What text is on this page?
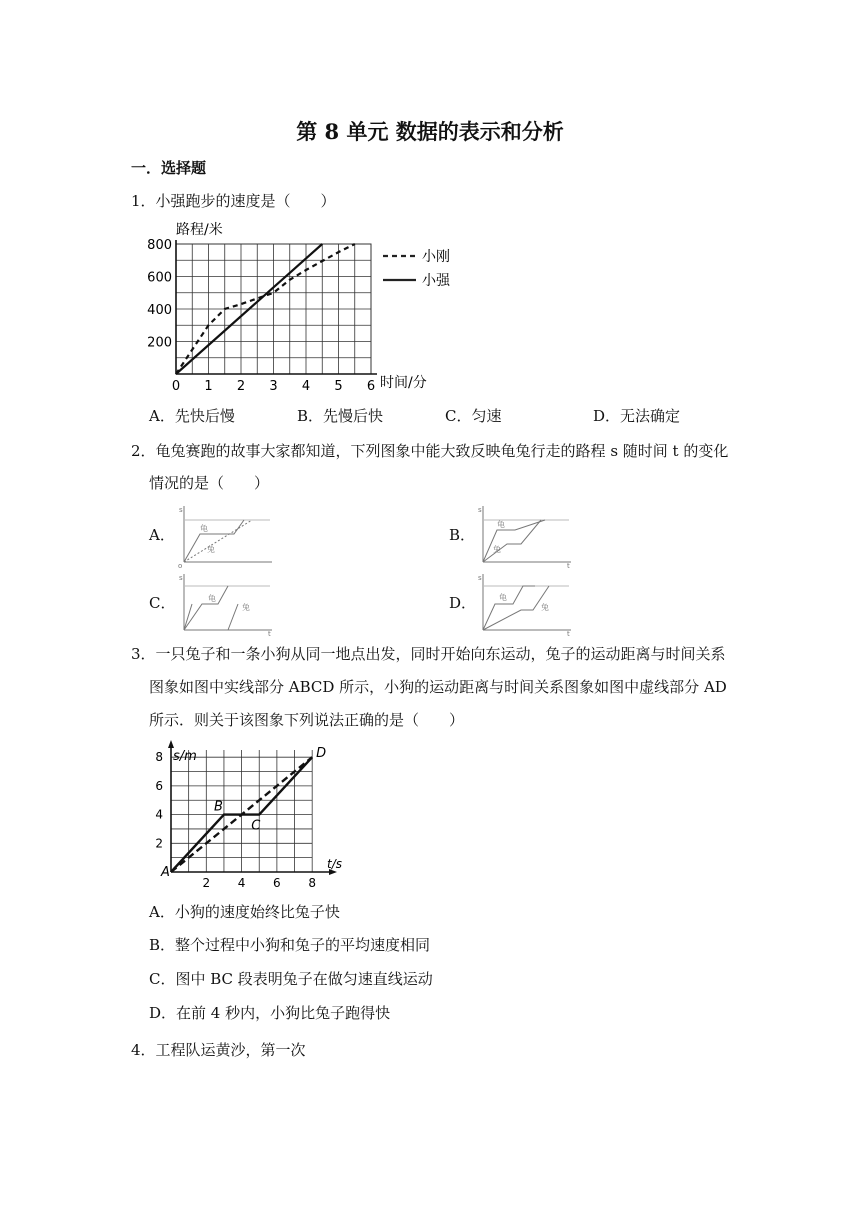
第 8 单元 数据的表示和分析
一．选择题
1．小强跑步的速度是（　　）
0 1 2 3 4 5 6
200
400
600
800
路程/米
时间/分
小刚
小强
A．先快后慢	B．先慢后快	C．匀速	D．无法确定
2．龟兔赛跑的故事大家都知道，下列图象中能大致反映龟兔行走的路程 s 随时间 t 的变化
情况的是（　　）
A．	B．
C．	D．
s
龟
兔
o
s
龟
兔
t
s
龟
兔
t
s
龟
兔
t
3．一只兔子和一条小狗从同一地点出发，同时开始向东运动，兔子的运动距离与时间关系
图象如图中实线部分 ABCD 所示，小狗的运动距离与时间关系图象如图中虚线部分 AD
所示．则关于该图象下列说法正确的是（　　）
2 4 6 8
2
4
6
8 s/m
t/s
A
B
C
D
A．小狗的速度始终比兔子快
B．整个过程中小狗和兔子的平均速度相同
C．图中 BC 段表明兔子在做匀速直线运动
D．在前 4 秒内，小狗比兔子跑得快
4．工程队运黄沙，第一次
